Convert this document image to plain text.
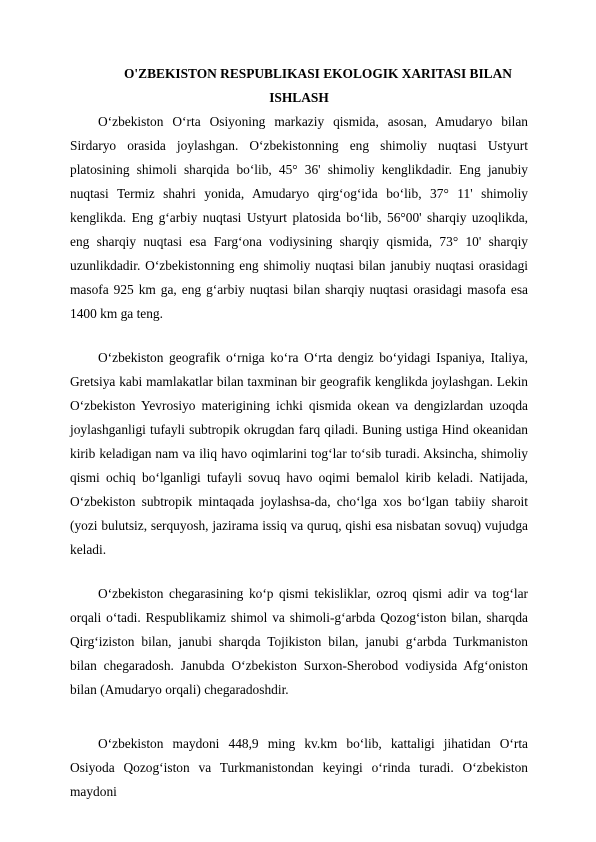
O'ZBEKISTON RESPUBLIKASI EKOLOGIK XARITASI BILAN ISHLASH

O‘zbekiston O‘rta Osiyoning markaziy qismida, asosan, Amudaryo bilan Sirdaryo orasida joylashgan. O‘zbekistonning eng shimoliy nuqtasi Ustyurt platosining shimoli sharqida bo‘lib, 45° 36' shimoliy kenglikdadir. Eng janubiy nuqtasi Termiz shahri yonida, Amudaryo qirg‘og‘ida bo‘lib, 37° 11' shimoliy kenglikda. Eng g‘arbiy nuqtasi Ustyurt platosida bo‘lib, 56°00' sharqiy uzoqlikda, eng sharqiy nuqtasi esa Farg‘ona vodiysining sharqiy qismida, 73° 10' sharqiy uzunlikdadir. O‘zbekistonning eng shimoliy nuqtasi bilan janubiy nuqtasi orasidagi masofa 925 km ga, eng g‘arbiy nuqtasi bilan sharqiy nuqtasi orasidagi masofa esa 1400 km ga teng.

O‘zbekiston geografik o‘rniga ko‘ra O‘rta dengiz bo‘yidagi Ispaniya, Italiya, Gretsiya kabi mamlakatlar bilan taxminan bir geografik kenglikda joylashgan. Lekin O‘zbekiston Yevrosiyo materigining ichki qismida okean va dengizlardan uzoqda joylashganligi tufayli subtropik okrugdan farq qiladi. Buning ustiga Hind okeanidan kirib keladigan nam va iliq havo oqimlarini tog‘lar to‘sib turadi. Aksincha, shimoliy qismi ochiq bo‘lganligi tufayli sovuq havo oqimi bemalol kirib keladi. Natijada, O‘zbekiston subtropik mintaqada joylashsa-da, cho‘lga xos bo‘lgan tabiiy sharoit (yozi bulutsiz, serquyosh, jazirama issiq va quruq, qishi esa nisbatan sovuq) vujudga keladi.

O‘zbekiston chegarasining ko‘p qismi tekisliklar, ozroq qismi adir va tog‘lar orqali o‘tadi. Respublikamiz shimol va shimoli-g‘arbda Qozog‘iston bilan, sharqda Qirg‘iziston bilan, janubi sharqda Tojikiston bilan, janubi g‘arbda Turkmaniston bilan chegaradosh. Janubda O‘zbekiston Surxon-Sherobod vodiysida Afg‘oniston bilan (Amudaryo orqali) chegaradoshdir.

O‘zbekiston maydoni 448,9 ming kv.km bo‘lib, kattaligi jihatidan O‘rta Osiyoda Qozog‘iston va Turkmanistondan keyingi o‘rinda turadi. O‘zbekiston maydoni
